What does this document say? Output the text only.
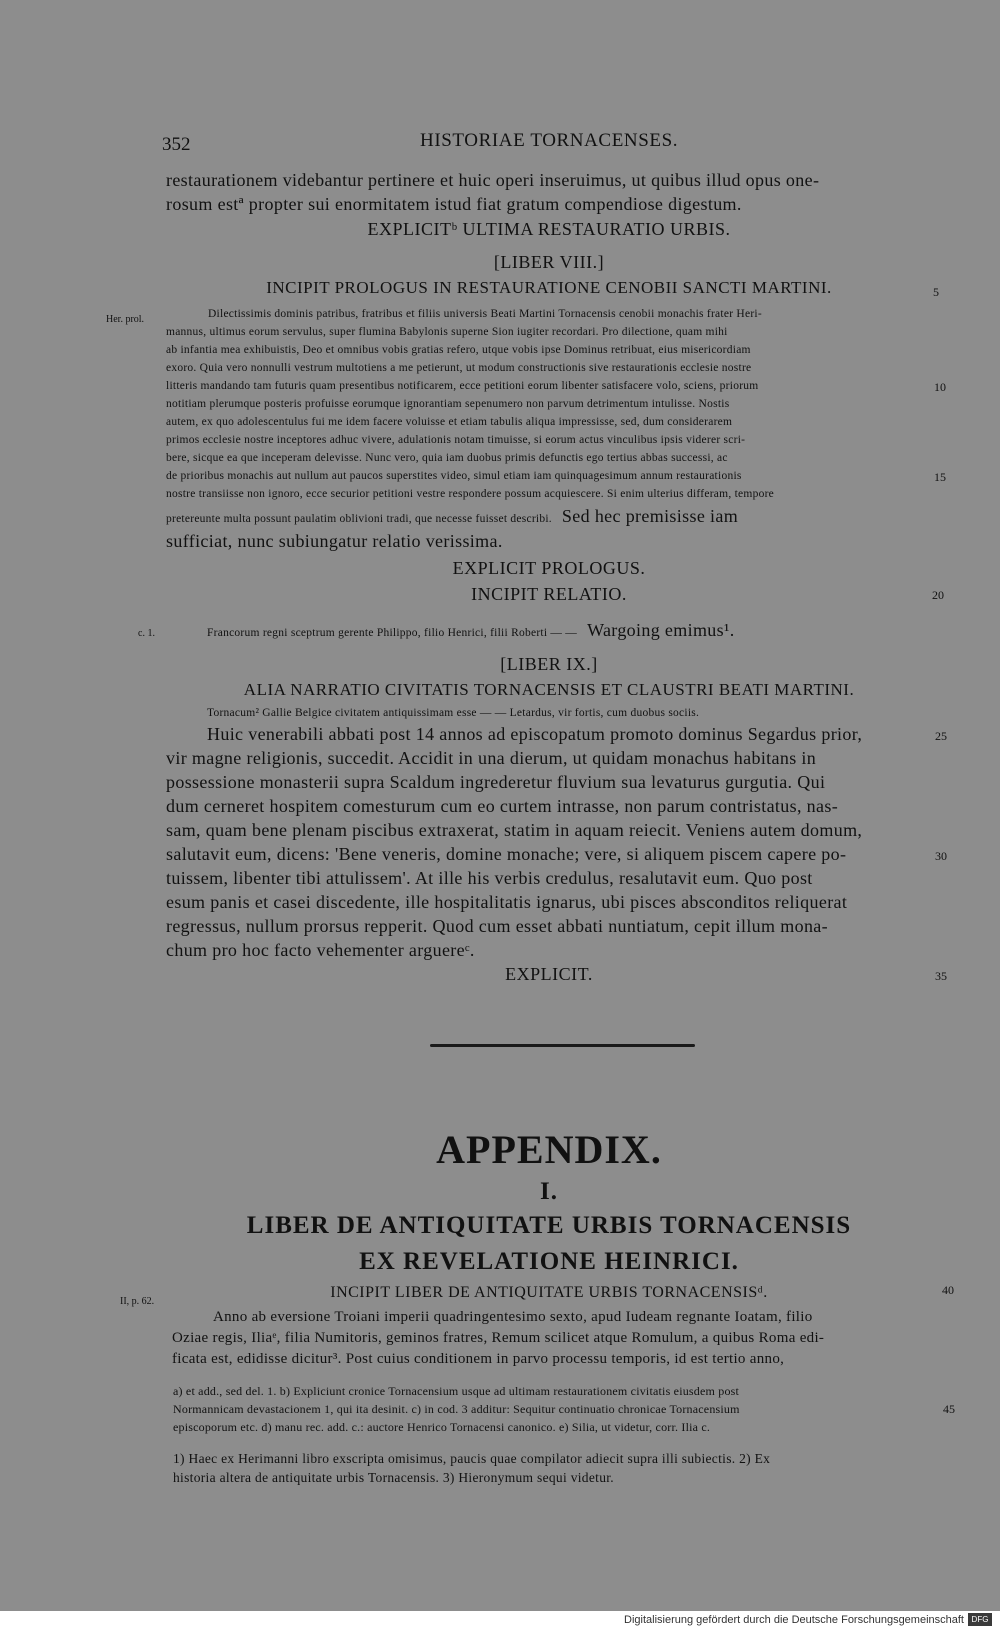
352	HISTORIAE TORNACENSES.
restaurationem videbantur pertinere et huic operi inseruimus, ut quibus illud opus one-
rosum estª propter sui enormitatem istud fiat gratum compendiose digestum.
EXPLICITᵇ ULTIMA RESTAURATIO URBIS.
[LIBER VIII.]
INCIPIT PROLOGUS IN RESTAURATIONE CENOBII SANCTI MARTINI.	5
Her. prol.	Dilectissimis dominis patribus, fratribus et filiis universis Beati Martini Tornacensis cenobii monachis frater Heri-
mannus, ultimus eorum servulus, super flumina Babylonis superne Sion iugiter recordari. Pro dilectione, quam mihi
ab infantia mea exhibuistis, Deo et omnibus vobis gratias refero, utque vobis ipse Dominus retribuat, eius misericordiam
exoro. Quia vero nonnulli vestrum multotiens a me petierunt, ut modum constructionis sive restaurationis ecclesie nostre
litteris mandando tam futuris quam presentibus notificarem, ecce petitioni eorum libenter satisfacere volo, sciens, priorum	10
notitiam plerumque posteris profuisse eorumque ignorantiam sepenumero non parvum detrimentum intulisse. Nostis
autem, ex quo adolescentulus fui me idem facere voluisse et etiam tabulis aliqua impressisse, sed, dum considerarem
primos ecclesie nostre inceptores adhuc vivere, adulationis notam timuisse, si eorum actus vinculibus ipsis viderer scri-
bere, sicque ea que inceperam delevisse. Nunc vero, quia iam duobus primis defunctis ego tertius abbas successi, ac
de prioribus monachis aut nullum aut paucos superstites video, simul etiam iam quinquagesimum annum restaurationis	15
nostre transiisse non ignoro, ecce securior petitioni vestre respondere possum acquiescere. Si enim ulterius differam, tempore
pretereunte multa possunt paulatim oblivioni tradi, que necesse fuisset describi. Sed hec premisisse iam
sufficiat, nunc subiungatur relatio verissima.
EXPLICIT PROLOGUS.
INCIPIT RELATIO.	20
c. 1.	Francorum regni sceptrum gerente Philippo, filio Henrici, filii Roberti — — Wargoing emimus¹.
[LIBER IX.]
ALIA NARRATIO CIVITATIS TORNACENSIS ET CLAUSTRI BEATI MARTINI.
Tornacum² Gallie Belgice civitatem antiquissimam esse — — Letardus, vir fortis, cum duobus sociis.
Huic venerabili abbati post 14 annos ad episcopatum promoto dominus Segardus prior,	25
vir magne religionis, succedit. Accidit in una dierum, ut quidam monachus habitans in
possessione monasterii supra Scaldum ingrederetur fluvium sua levaturus gurgutia. Qui
dum cerneret hospitem comesturum cum eo curtem intrasse, non parum contristatus, nas-
sam, quam bene plenam piscibus extraxerat, statim in aquam reiecit. Veniens autem domum,
salutavit eum, dicens: 'Bene veneris, domine monache; vere, si aliquem piscem capere po-	30
tuissem, libenter tibi attulissem'. At ille his verbis credulus, resalutavit eum. Quo post
esum panis et casei discedente, ille hospitalitatis ignarus, ubi pisces absconditos reliquerat
regressus, nullum prorsus repperit. Quod cum esset abbati nuntiatum, cepit illum mona-
chum pro hoc facto vehementer arguereᶜ.
EXPLICIT.	35
APPENDIX.
I.
LIBER DE ANTIQUITATE URBIS TORNACENSIS
EX REVELATIONE HEINRICI.
INCIPIT LIBER DE ANTIQUITATE URBIS TORNACENSISᵈ.	40
II, p. 62.
Anno ab eversione Troiani imperii quadringentesimo sexto, apud Iudeam regnante Ioatam, filio
Oziae regis, Iliaᵉ, filia Numitoris, geminos fratres, Remum scilicet atque Romulum, a quibus Roma edi-
ficata est, edidisse dicitur³. Post cuius conditionem in parvo processu temporis, id est tertio anno,
a) et add., sed del. 1. b) Expliciunt cronice Tornacensium usque ad ultimam restaurationem civitatis eiusdem post
Normannicam devastacionem 1, qui ita desinit. c) in cod. 3 additur: Sequitur continuatio chronicae Tornacensium	45
episcoporum etc. d) manu rec. add. c.: auctore Henrico Tornacensi canonico. e) Silia, ut videtur, corr. Ilia c.
1) Haec ex Herimanni libro exscripta omisimus, paucis quae compilator adiecit supra illi subiectis. 2) Ex
historia altera de antiquitate urbis Tornacensis. 3) Hieronymum sequi videtur.
Digitalisierung gefördert durch die Deutsche Forschungsgemeinschaft DFG
